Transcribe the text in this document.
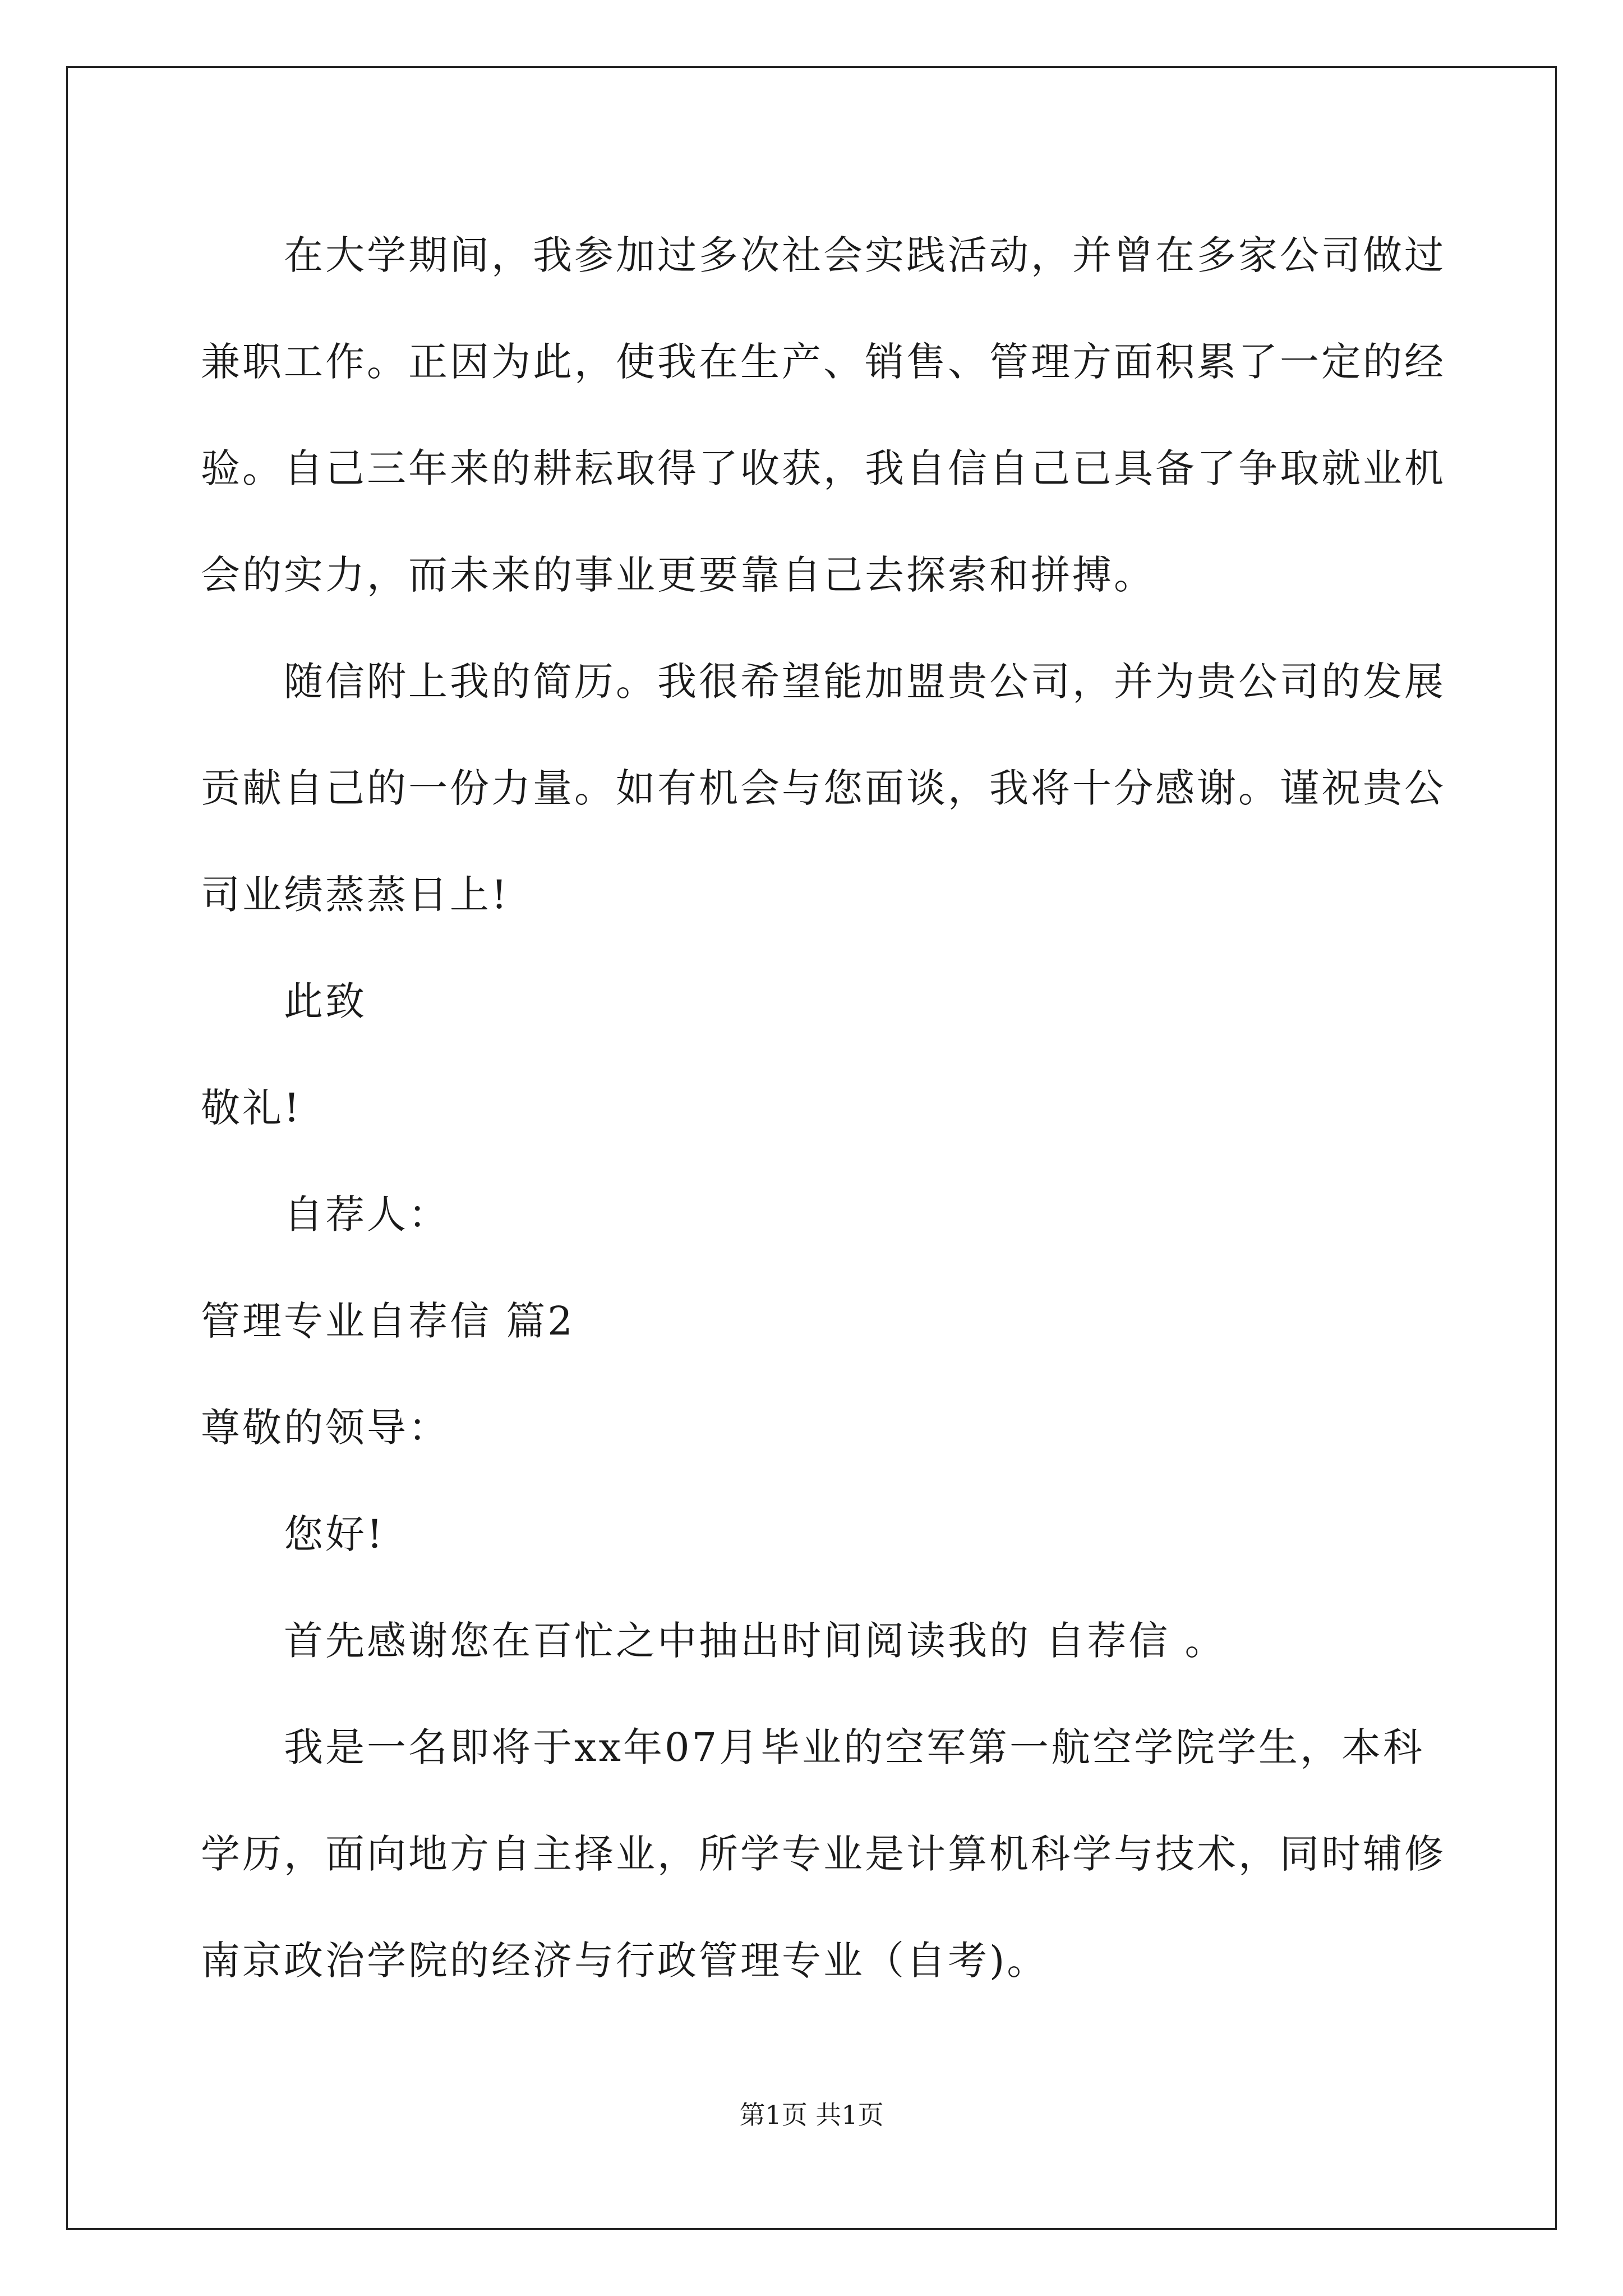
在大学期间，我参加过多次社会实践活动，并曾在多家公司做过
兼职工作。正因为此，使我在生产、销售、管理方面积累了一定的经
验。自己三年来的耕耘取得了收获，我自信自己已具备了争取就业机
会的实力，而未来的事业更要靠自己去探索和拼搏。
随信附上我的简历。我很希望能加盟贵公司，并为贵公司的发展
贡献自己的一份力量。如有机会与您面谈，我将十分感谢。谨祝贵公
司业绩蒸蒸日上!
此致
敬礼!
自荐人：
管理专业自荐信 篇2
尊敬的领导：
您好!
首先感谢您在百忙之中抽出时间阅读我的 自荐信 。
我是一名即将于xx年07月毕业的空军第一航空学院学生，本科
学历，面向地方自主择业，所学专业是计算机科学与技术，同时辅修
南京政治学院的经济与行政管理专业（自考)。
第1页 共1页
